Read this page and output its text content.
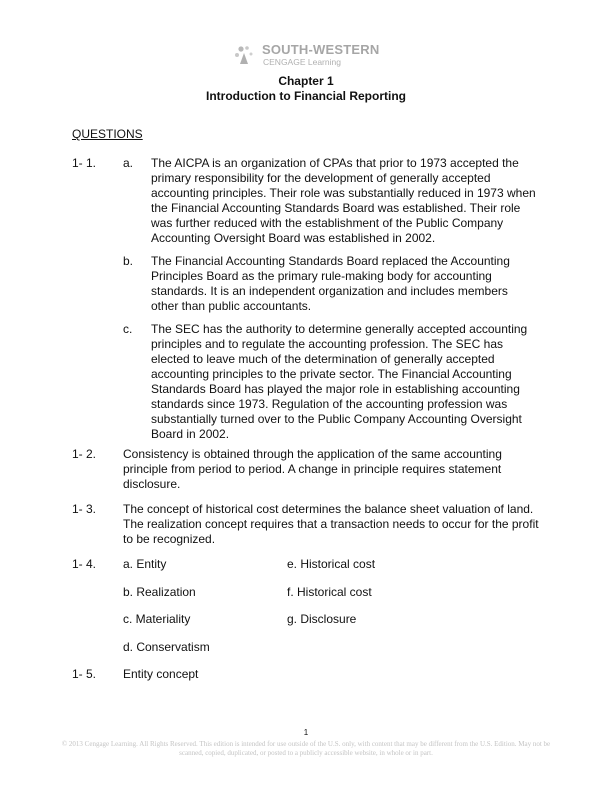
SOUTH-WESTERN
CENGAGE Learning
Chapter 1
Introduction to Financial Reporting
QUESTIONS
1- 1. a. The AICPA is an organization of CPAs that prior to 1973 accepted the primary responsibility for the development of generally accepted accounting principles. Their role was substantially reduced in 1973 when the Financial Accounting Standards Board was established. Their role was further reduced with the establishment of the Public Company Accounting Oversight Board was established in 2002.
b. The Financial Accounting Standards Board replaced the Accounting Principles Board as the primary rule-making body for accounting standards. It is an independent organization and includes members other than public accountants.
c. The SEC has the authority to determine generally accepted accounting principles and to regulate the accounting profession. The SEC has elected to leave much of the determination of generally accepted accounting principles to the private sector. The Financial Accounting Standards Board has played the major role in establishing accounting standards since 1973. Regulation of the accounting profession was substantially turned over to the Public Company Accounting Oversight Board in 2002.
1- 2. Consistency is obtained through the application of the same accounting principle from period to period. A change in principle requires statement disclosure.
1- 3. The concept of historical cost determines the balance sheet valuation of land. The realization concept requires that a transaction needs to occur for the profit to be recognized.
1- 4. a. Entity
b. Realization
c. Materiality
d. Conservatism
e. Historical cost
f. Historical cost
g. Disclosure
1- 5. Entity concept
1
© 2013 Cengage Learning. All Rights Reserved. This edition is intended for use outside of the U.S. only, with content that may be different from the U.S. Edition. May not be scanned, copied, duplicated, or posted to a publicly accessible website, in whole or in part.
